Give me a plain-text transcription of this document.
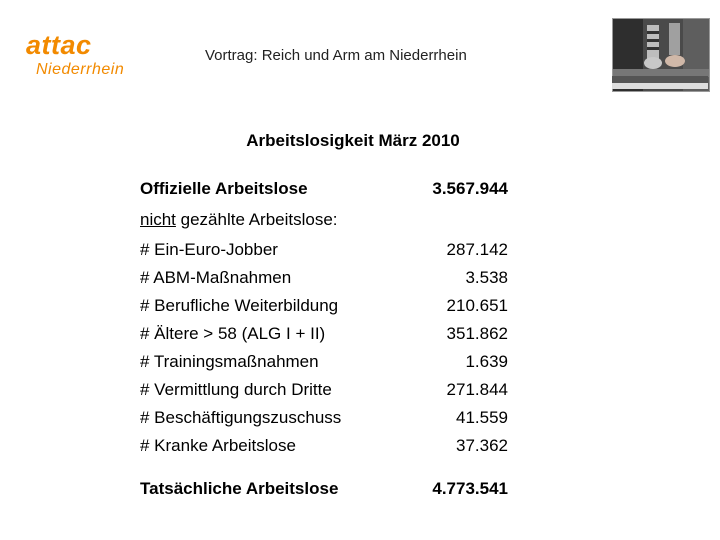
attac
Niederrhein
Vortrag: Reich und Arm am Niederrhein
Arbeitslosigkeit März 2010
Offizielle Arbeitslose	3.567.944
nicht gezählte Arbeitslose:
# Ein-Euro-Jobber	287.142
# ABM-Maßnahmen	3.538
# Berufliche Weiterbildung	210.651
# Ältere > 58 (ALG I + II)	351.862
# Trainingsmaßnahmen	1.639
# Vermittlung durch Dritte	271.844
# Beschäftigungszuschuss	41.559
# Kranke Arbeitslose	37.362
Tatsächliche Arbeitslose	4.773.541
